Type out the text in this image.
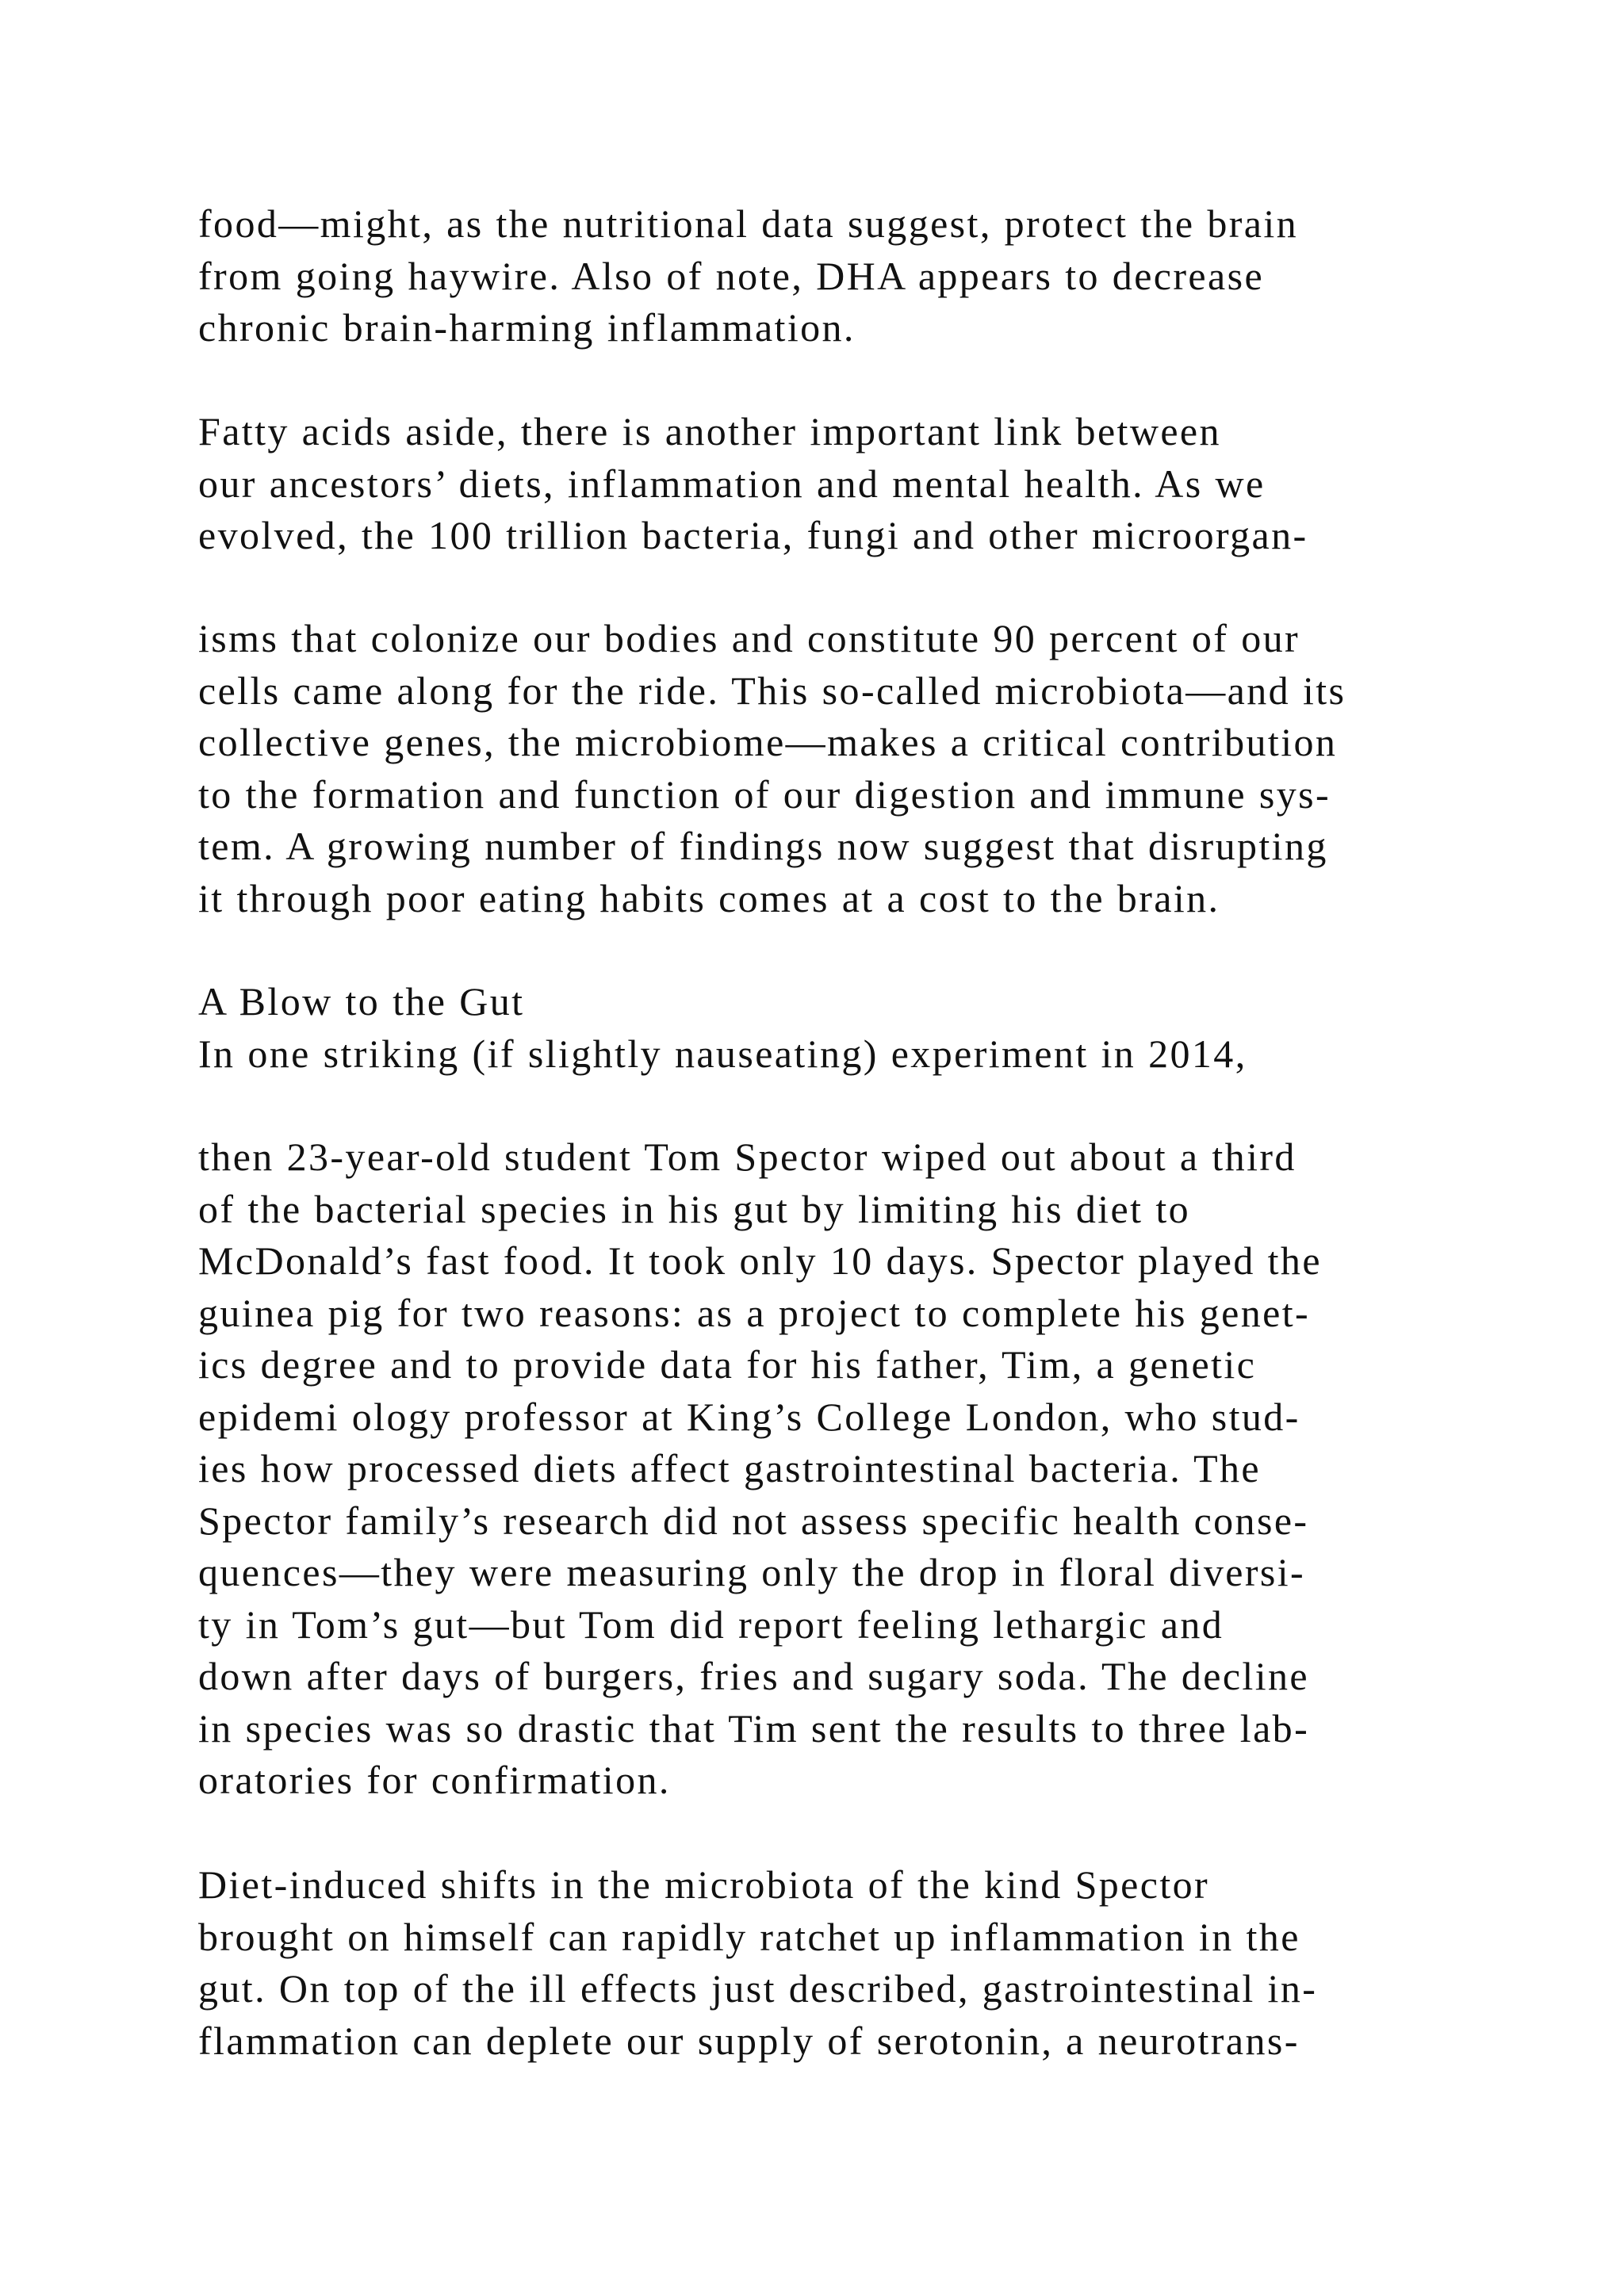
food—might, as the nutritional data suggest, protect the brain
from going haywire. Also of note, DHA appears to decrease
chronic brain-harming inflammation.
Fatty acids aside, there is another important link between
our ancestors’ diets, inflammation and mental health. As we
evolved, the 100 trillion bacteria, fungi and other microorgan-
isms that colonize our bodies and constitute 90 percent of our
cells came along for the ride. This so-called microbiota—and its
collective genes, the microbiome—makes a critical contribution
to the formation and function of our digestion and immune sys-
tem. A growing number of findings now suggest that disrupting
it through poor eating habits comes at a cost to the brain.
A Blow to the Gut
In one striking (if slightly nauseating) experiment in 2014,
then 23-year-old student Tom Spector wiped out about a third
of the bacterial species in his gut by limiting his diet to
McDonald’s fast food. It took only 10 days. Spector played the
guinea pig for two reasons: as a project to complete his genet-
ics degree and to provide data for his father, Tim, a genetic
epidemi ology professor at King’s College London, who stud-
ies how processed diets affect gastrointestinal bacteria. The
Spector family’s research did not assess specific health conse-
quences—they were measuring only the drop in floral diversi-
ty in Tom’s gut—but Tom did report feeling lethargic and
down after days of burgers, fries and sugary soda. The decline
in species was so drastic that Tim sent the results to three lab-
oratories for confirmation.
Diet-induced shifts in the microbiota of the kind Spector
brought on himself can rapidly ratchet up inflammation in the
gut. On top of the ill effects just described, gastrointestinal in-
flammation can deplete our supply of serotonin, a neurotrans-
